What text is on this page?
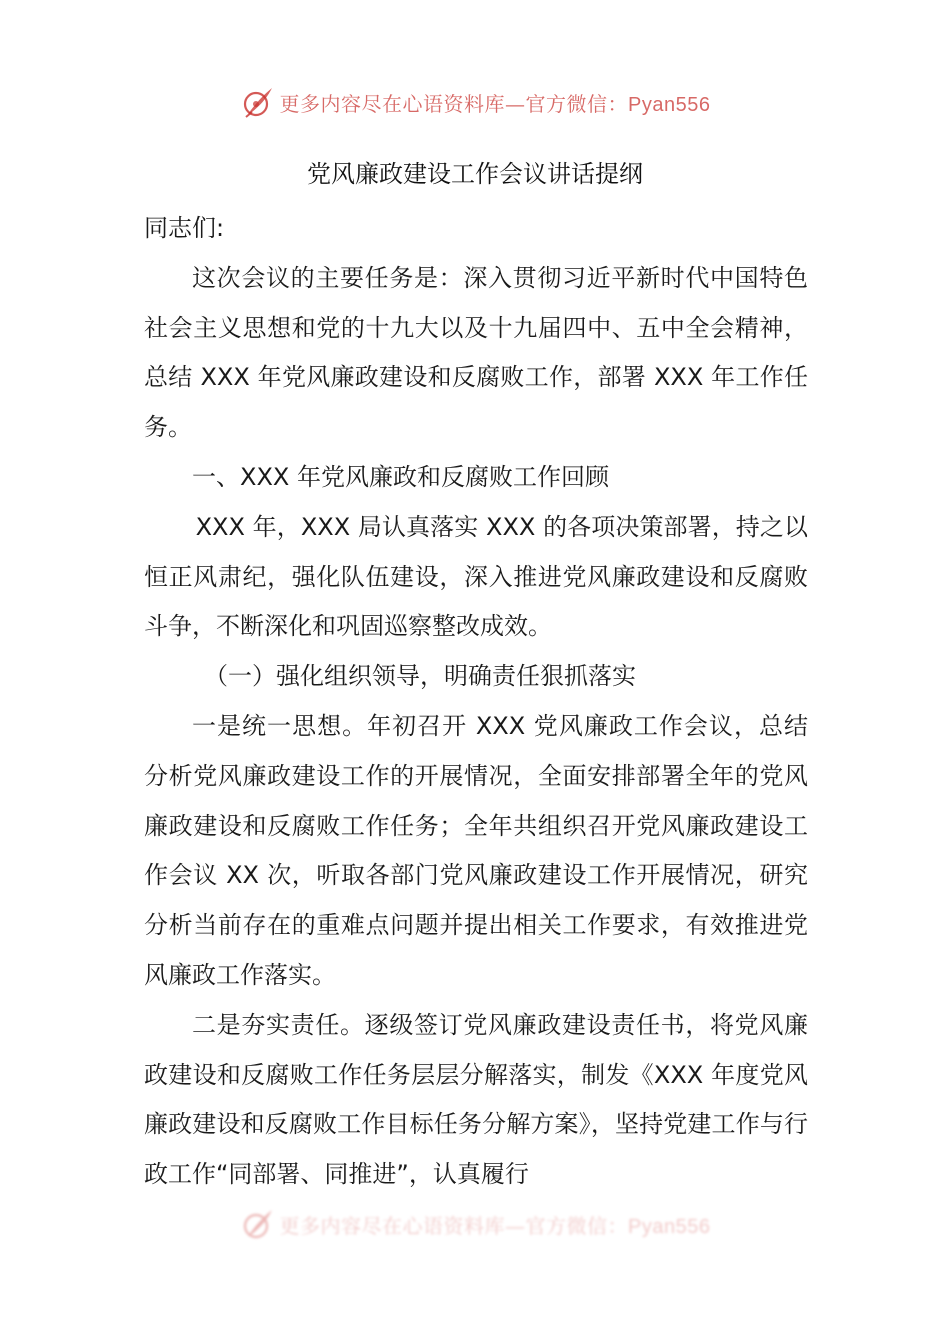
更多内容尽在心语资料库—官方微信：Pyan556
党风廉政建设工作会议讲话提纲

同志们:

这次会议的主要任务是：深入贯彻习近平新时代中国特色社会主义思想和党的十九大以及十九届四中、五中全会精神，总结 XXX 年党风廉政建设和反腐败工作，部署 XXX 年工作任务。

一、XXX 年党风廉政和反腐败工作回顾

XXX 年，XXX 局认真落实 XXX 的各项决策部署，持之以恒正风肃纪，强化队伍建设，深入推进党风廉政建设和反腐败斗争，不断深化和巩固巡察整改成效。

（一）强化组织领导，明确责任狠抓落实

一是统一思想。年初召开 XXX 党风廉政工作会议，总结分析党风廉政建设工作的开展情况，全面安排部署全年的党风廉政建设和反腐败工作任务；全年共组织召开党风廉政建设工作会议 XX 次，听取各部门党风廉政建设工作开展情况，研究分析当前存在的重难点问题并提出相关工作要求，有效推进党风廉政工作落实。

二是夯实责任。逐级签订党风廉政建设责任书，将党风廉政建设和反腐败工作任务层层分解落实，制发《XXX 年度党风廉政建设和反腐败工作目标任务分解方案》，坚持党建工作与行政工作“同部署、同推进”，认真履行

更多内容尽在心语资料库—官方微信：Pyan556
